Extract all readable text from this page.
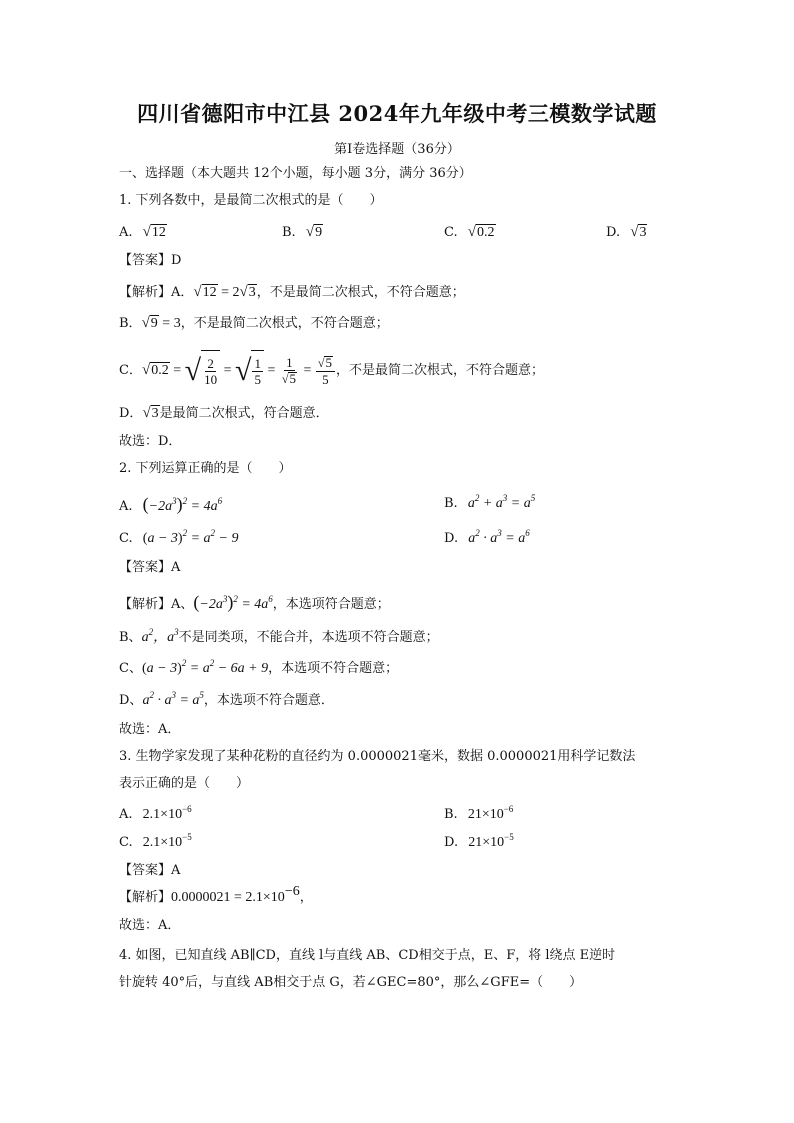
四川省德阳市中江县 2024年九年级中考三模数学试题
第Ⅰ卷选择题（36分）
一、选择题（本大题共 12个小题，每小题 3分，满分 36分）
1. 下列各数中，是最简二次根式的是（　　）
A. √12	B. √9	C. √0.2	D. √3
【答案】D
【解析】A．√12 = 2√3，不是最简二次根式，不符合题意；
B．√9 = 3，不是最简二次根式，不符合题意；
C．√0.2 = √ $\frac{2}{10}$ = √ $\frac{1}{5} = \frac{1}{√5} = \frac{√5}{5}$ ，不是最简二次根式，不符合题意；
D．√3是最简二次根式，符合题意．
故选：D．
2. 下列运算正确的是（　　）
A. $(-2a^3)^2 = 4a^6$	B. $a^2 + a^3 = a^5$
C. $(a - 3)^2 = a^2 - 9$	D. $a^2 \cdot a^3 = a^6$
【答案】A
【解析】A、$(-2a^3)^2 = 4a^6$，本选项符合题意；
B、$a^2$，$a^3$不是同类项，不能合并，本选项不符合题意；
C、$(a - 3)^2 = a^2 - 6a + 9$，本选项不符合题意；
D、$a^2 \cdot a^3 = a^5$，本选项不符合题意．
故选：A．
3. 生物学家发现了某种花粉的直径约为 0.0000021毫米，数据 0.0000021用科学记数法
表示正确的是（　　）
A. $2.1\times 10^{-6}$	B. $21\times 10^{-6}$
C. $2.1\times 10^{-5}$	D. $21\times 10^{-5}$
【答案】A
【解析】$0.0000021 = 2.1\times 10^{-6}$，
故选：A．
4. 如图，已知直线 AB∥CD，直线 l与直线 AB、CD相交于点，E、F，将 l绕点 E逆时
针旋转 40°后，与直线 AB相交于点 G，若∠GEC=80°，那么∠GFE=（　　）
